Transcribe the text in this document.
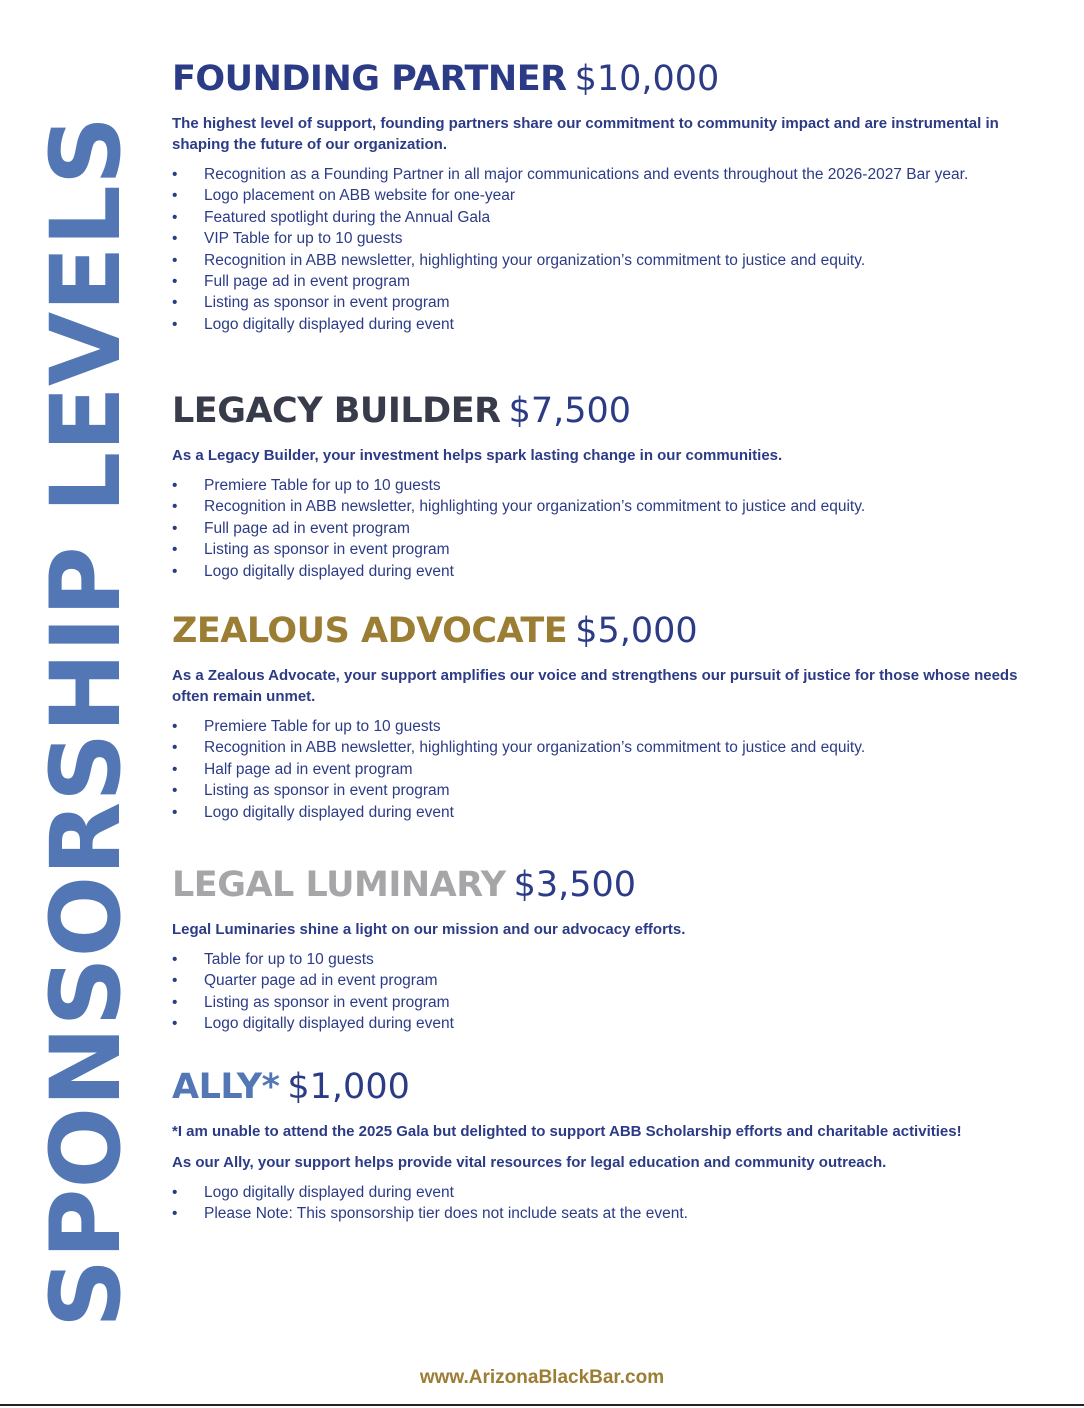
SPONSORSHIP LEVELS
FOUNDING PARTNER $10,000

The highest level of support, founding partners share our commitment to community impact and are instrumental in shaping the future of our organization.

• Recognition as a Founding Partner in all major communications and events throughout the 2026-2027 Bar year.
• Logo placement on ABB website for one-year
• Featured spotlight during the Annual Gala
• VIP Table for up to 10 guests
• Recognition in ABB newsletter, highlighting your organization’s commitment to justice and equity.
• Full page ad in event program
• Listing as sponsor in event program
• Logo digitally displayed during event
LEGACY BUILDER $7,500

As a Legacy Builder, your investment helps spark lasting change in our communities.

• Premiere Table for up to 10 guests
• Recognition in ABB newsletter, highlighting your organization’s commitment to justice and equity.
• Full page ad in event program
• Listing as sponsor in event program
• Logo digitally displayed during event
ZEALOUS ADVOCATE $5,000

As a Zealous Advocate, your support amplifies our voice and strengthens our pursuit of justice for those whose needs often remain unmet.

• Premiere Table for up to 10 guests
• Recognition in ABB newsletter, highlighting your organization’s commitment to justice and equity.
• Half page ad in event program
• Listing as sponsor in event program
• Logo digitally displayed during event
LEGAL LUMINARY $3,500

Legal Luminaries shine a light on our mission and our advocacy efforts.

• Table for up to 10 guests
• Quarter page ad in event program
• Listing as sponsor in event program
• Logo digitally displayed during event
ALLY* $1,000

*I am unable to attend the 2025 Gala but delighted to support ABB Scholarship efforts and charitable activities!

As our Ally, your support helps provide vital resources for legal education and community outreach.

• Logo digitally displayed during event
• Please Note: This sponsorship tier does not include seats at the event.
www.ArizonaBlackBar.com
